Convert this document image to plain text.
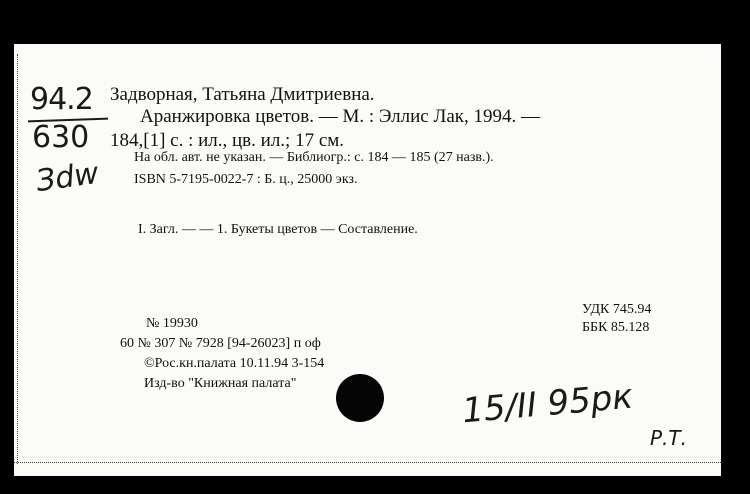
94.2
630
Зdw
Задворная, Татьяна Дмитриевна.
Аранжировка цветов. — М. : Эллис Лак, 1994. —
184,[1] с. : ил., цв. ил.; 17 см.
На обл. авт. не указан. — Библиогр.: с. 184 — 185 (27 назв.).
ISBN 5-7195-0022-7 : Б. ц., 25000 экз.
I. Загл. — — 1. Букеты цветов — Составление.
№ 19930
60 № 307 № 7928 [94-26023] п оф
©Рос.кн.палата 10.11.94 3-154
Изд-во "Книжная палата"
УДК 745.94
ББК 85.128
15/II 95рк
Р.Т.
